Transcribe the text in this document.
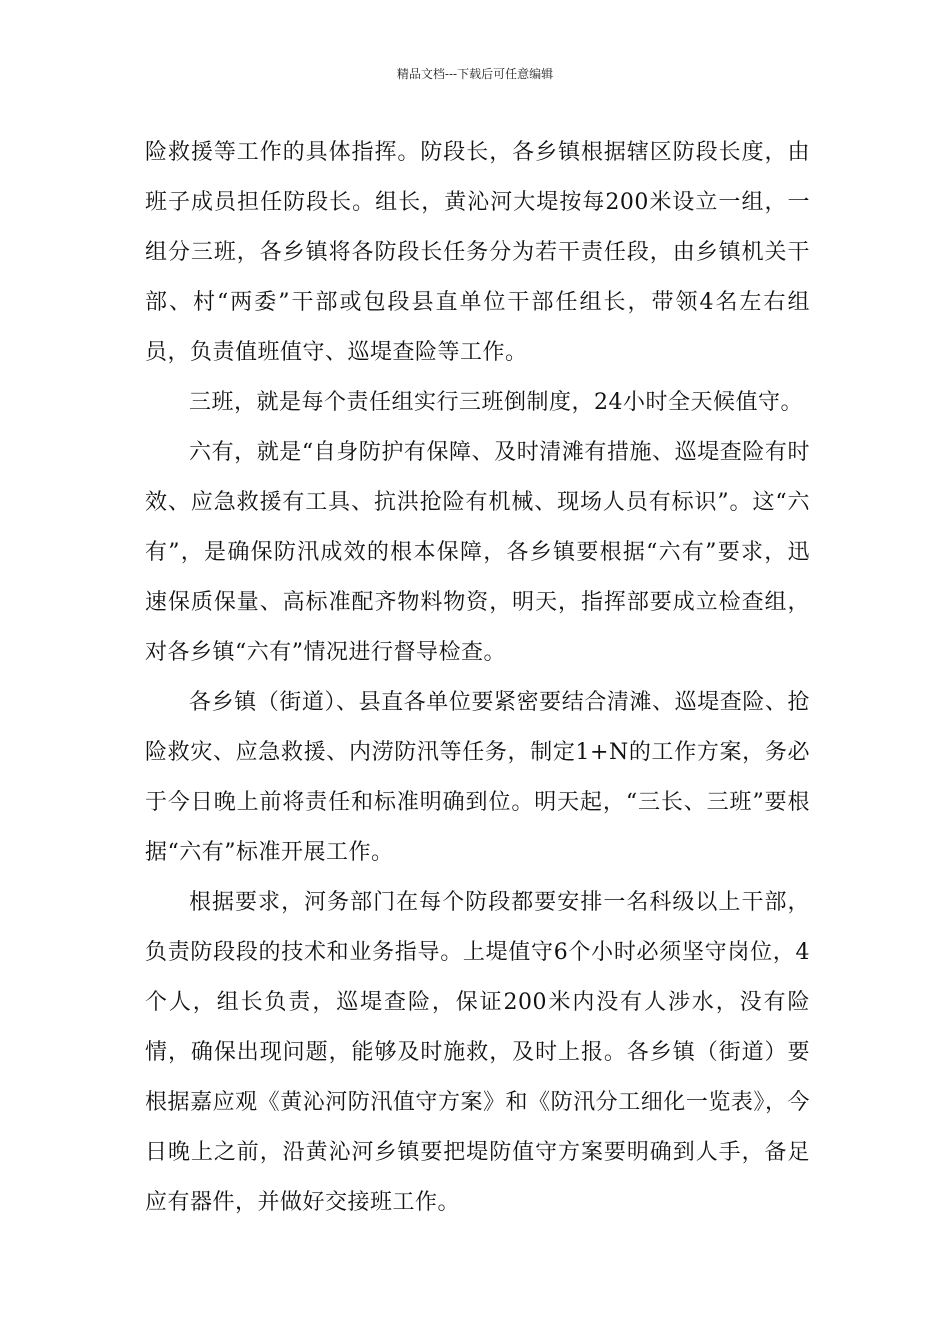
精品文档---下载后可任意编辑

险救援等工作的具体指挥。防段长，各乡镇根据辖区防段长度，由班子成员担任防段长。组长，黄沁河大堤按每200米设立一组，一组分三班，各乡镇将各防段长任务分为若干责任段，由乡镇机关干部、村“两委”干部或包段县直单位干部任组长，带领4名左右组员，负责值班值守、巡堤查险等工作。

三班，就是每个责任组实行三班倒制度，24小时全天候值守。

六有，就是“自身防护有保障、及时清滩有措施、巡堤查险有时效、应急救援有工具、抗洪抢险有机械、现场人员有标识”。这“六有”，是确保防汛成效的根本保障，各乡镇要根据“六有”要求，迅速保质保量、高标准配齐物料物资，明天，指挥部要成立检查组，对各乡镇“六有”情况进行督导检查。

各乡镇（街道）、县直各单位要紧密要结合清滩、巡堤查险、抢险救灾、应急救援、内涝防汛等任务，制定1+N的工作方案，务必于今日晚上前将责任和标准明确到位。明天起，“三长、三班”要根据“六有”标准开展工作。

根据要求，河务部门在每个防段都要安排一名科级以上干部，负责防段段的技术和业务指导。上堤值守6个小时必须坚守岗位，4个人，组长负责，巡堤查险，保证200米内没有人涉水，没有险情，确保出现问题，能够及时施救，及时上报。各乡镇（街道）要根据嘉应观《黄沁河防汛值守方案》和《防汛分工细化一览表》，今日晚上之前，沿黄沁河乡镇要把堤防值守方案要明确到人手，备足应有器件，并做好交接班工作。
